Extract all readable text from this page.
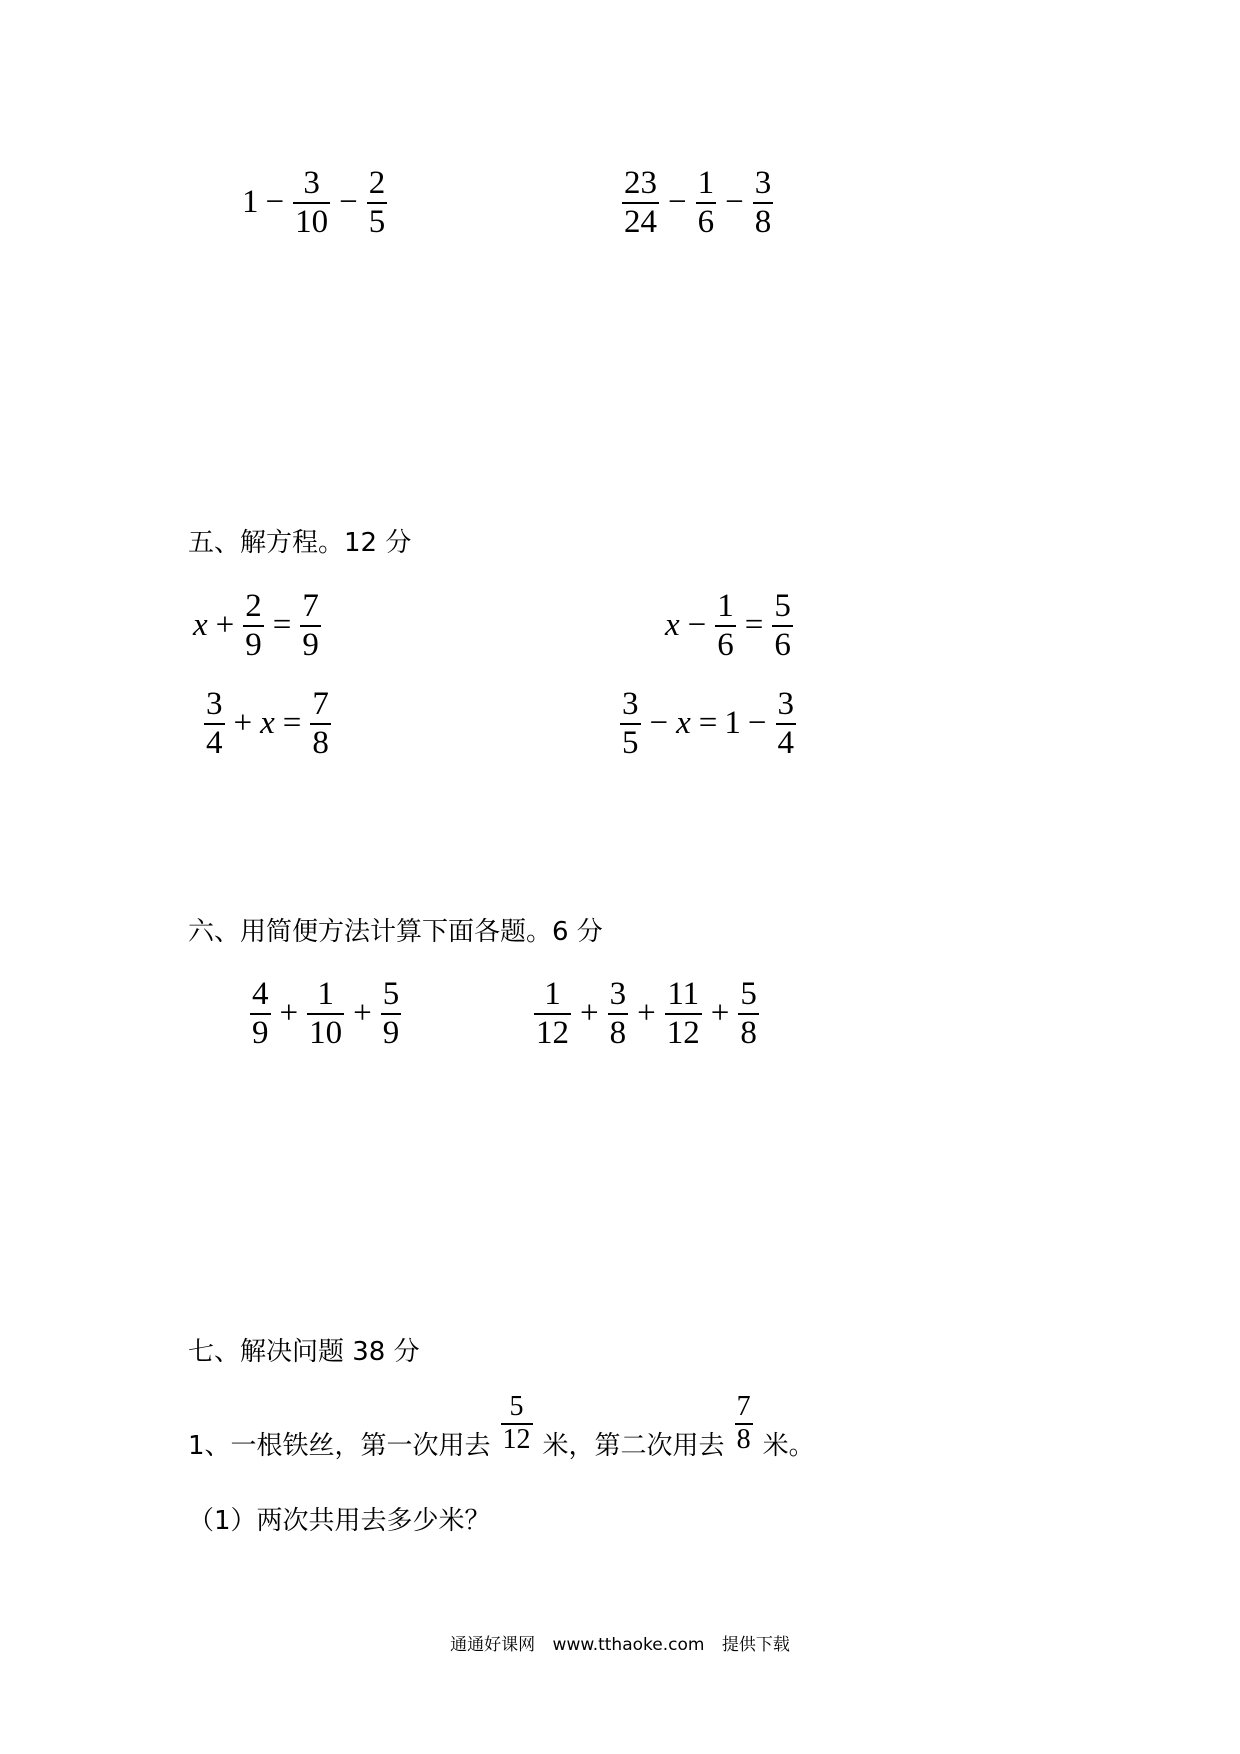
$1 - \frac{3}{10} - \frac{2}{5}$	$\frac{23}{24} - \frac{1}{6} - \frac{3}{8}$
五、解方程。12 分
$x + \frac{2}{9} = \frac{7}{9}$	$x - \frac{1}{6} = \frac{5}{6}$
$\frac{3}{4} + x = \frac{7}{8}$	$\frac{3}{5} - x = 1 - \frac{3}{4}$
六、用简便方法计算下面各题。6 分
$\frac{4}{9} + \frac{1}{10} + \frac{5}{9}$	$\frac{1}{12} + \frac{3}{8} + \frac{11}{12} + \frac{5}{8}$
七、解决问题 38 分
1、一根铁丝，第一次用去 $\frac{5}{12}$ 米，第二次用去 $\frac{7}{8}$ 米。
（1）两次共用去多少米？
通通好课网 www.tthaoke.com 提供下载
